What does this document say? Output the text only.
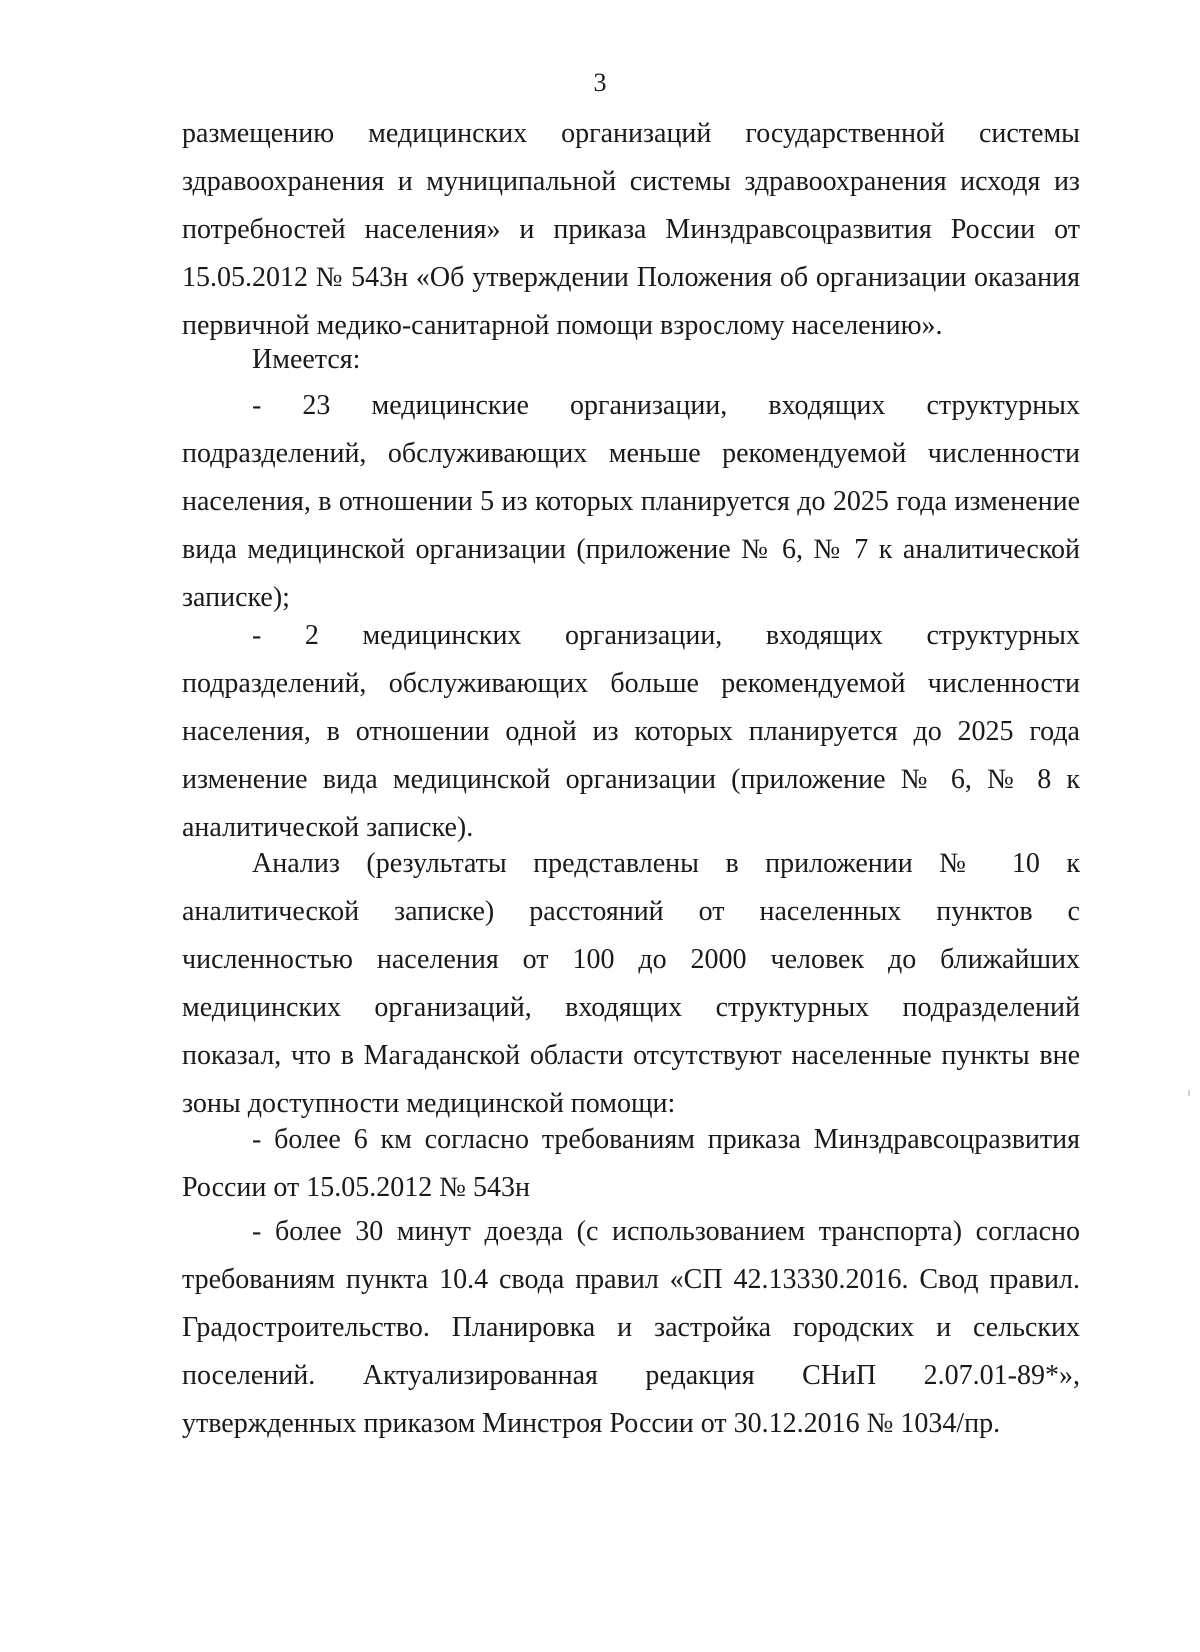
3

размещению медицинских организаций государственной системы здравоохранения и муниципальной системы здравоохранения исходя из потребностей населения» и приказа Минздравсоцразвития России от 15.05.2012 № 543н «Об утверждении Положения об организации оказания первичной медико-санитарной помощи взрослому населению».

Имеется:

- 23 медицинские организации, входящих структурных подразделений, обслуживающих меньше рекомендуемой численности населения, в отношении 5 из которых планируется до 2025 года изменение вида медицинской организации (приложение № 6, № 7 к аналитической записке);

- 2 медицинских организации, входящих структурных подразделений, обслуживающих больше рекомендуемой численности населения, в отношении одной из которых планируется до 2025 года изменение вида медицинской организации (приложение № 6, № 8 к аналитической записке).

Анализ (результаты представлены в приложении № 10 к аналитической записке) расстояний от населенных пунктов с численностью населения от 100 до 2000 человек до ближайших медицинских организаций, входящих структурных подразделений показал, что в Магаданской области отсутствуют населенные пункты вне зоны доступности медицинской помощи:

- более 6 км согласно требованиям приказа Минздравсоцразвития России от 15.05.2012 № 543н

- более 30 минут доезда (с использованием транспорта) согласно требованиям пункта 10.4 свода правил «СП 42.13330.2016. Свод правил. Градостроительство. Планировка и застройка городских и сельских поселений. Актуализированная редакция СНиП 2.07.01-89*», утвержденных приказом Минстроя России от 30.12.2016 № 1034/пр.
